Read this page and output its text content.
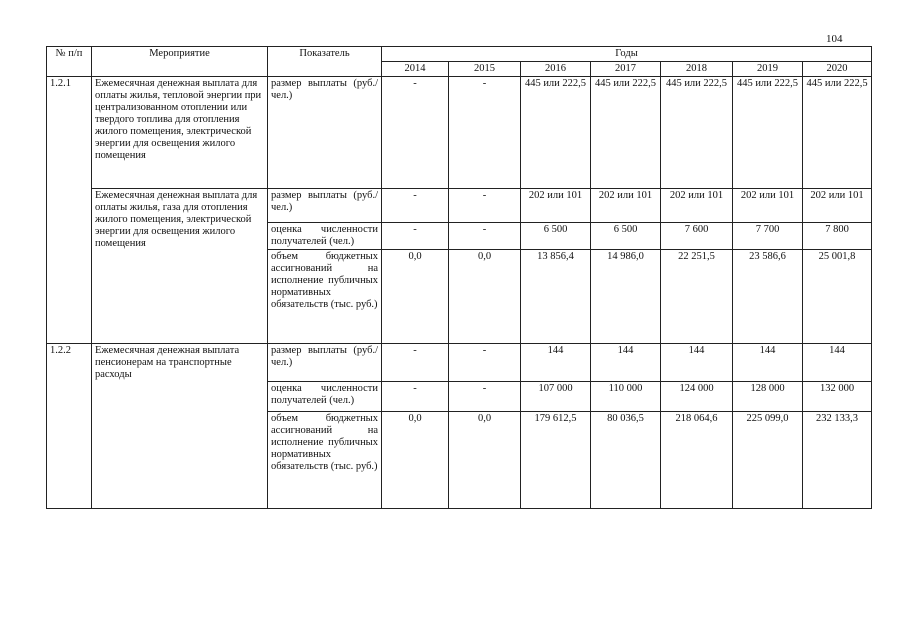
104
№ п/п	Мероприятие	Показатель	Годы						
			2014	2015	2016	2017	2018	2019	2020
1.2.1	Ежемесячная денежная выплата для оплаты жилья, тепловой энергии при централизованном отоплении или твердого топлива для отопления жилого помещения, электрической энергии для освещения жилого помещения	размер выплаты (руб./ чел.)	-	-	445 или 222,5	445 или 222,5	445 или 222,5	445 или 222,5	445 или 222,5
	Ежемесячная денежная выплата для оплаты жилья, газа для отопления жилого помещения, электрической энергии для освещения жилого помещения	размер выплаты (руб./ чел.)	-	-	202 или 101	202 или 101	202 или 101	202 или 101	202 или 101
		оценка численности получателей (чел.)	-	-	6 500	6 500	7 600	7 700	7 800
		объем бюджетных ассигнований на исполнение публичных нормативных обязательств (тыс. руб.)	0,0	0,0	13 856,4	14 986,0	22 251,5	23 586,6	25 001,8
1.2.2	Ежемесячная денежная выплата пенсионерам на транспортные расходы	размер выплаты (руб./ чел.)	-	-	144	144	144	144	144
		оценка численности получателей (чел.)	-	-	107 000	110 000	124 000	128 000	132 000
		объем бюджетных ассигнований на исполнение публичных нормативных обязательств (тыс. руб.)	0,0	0,0	179 612,5	80 036,5	218 064,6	225 099,0	232 133,3
